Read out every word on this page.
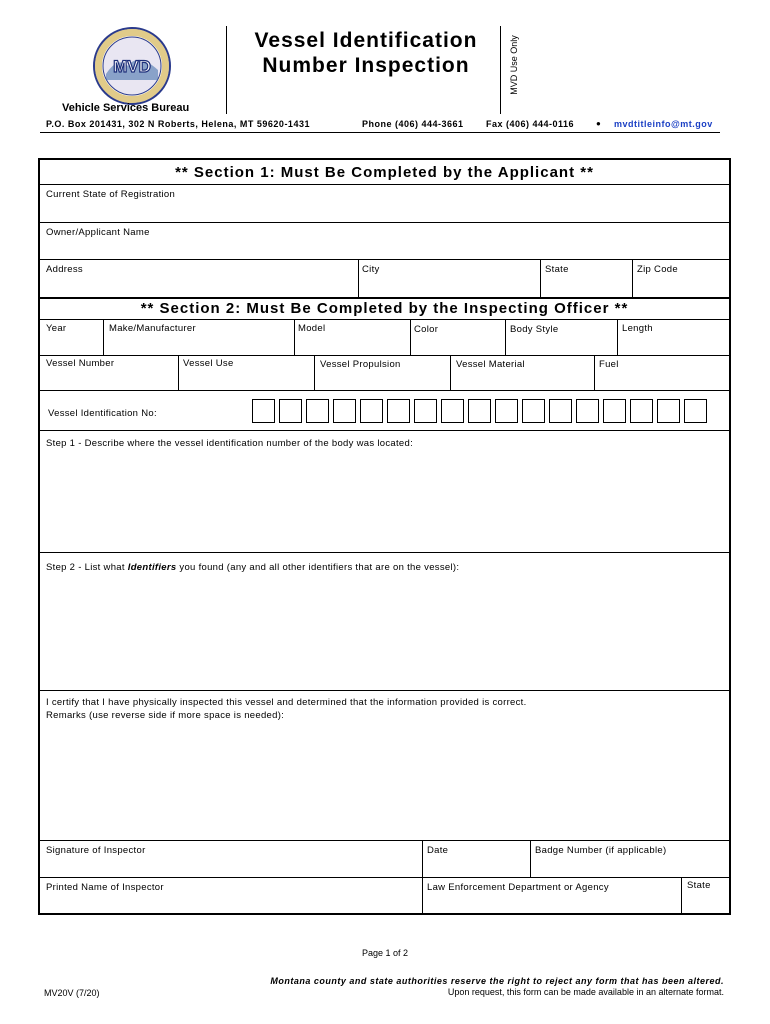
MVD
Vessel Identification
Number Inspection	MVD Use Only
Vehicle Services Bureau
P.O. Box 201431, 302 N Roberts, Helena, MT 59620-1431	Phone (406) 444-3661 Fax (406) 444-0116	● mvdtitleinfo@mt.gov
** Section 1: Must Be Completed by the Applicant **
Current State of Registration
Owner/Applicant Name
Address	City	State	Zip Code
** Section 2: Must Be Completed by the Inspecting Officer **
Year	Make/Manufacturer	Model	Color	Body Style	Length
Vessel Number	Vessel Use	Vessel Propulsion	Vessel Material	Fuel
Vessel Identification No:
Step 1 - Describe where the vessel identification number of the body was located:
Step 2 - List what Identifiers you found (any and all other identifiers that are on the vessel):
I certify that I have physically inspected this vessel and determined that the information provided is correct.
Remarks (use reverse side if more space is needed):
Signature of Inspector	Date	Badge Number (if applicable)
Printed Name of Inspector	Law Enforcement Department or Agency	State
Page 1 of 2
MV20V (7/20)
Montana county and state authorities reserve the right to reject any form that has been altered.
Upon request, this form can be made available in an alternate format.
